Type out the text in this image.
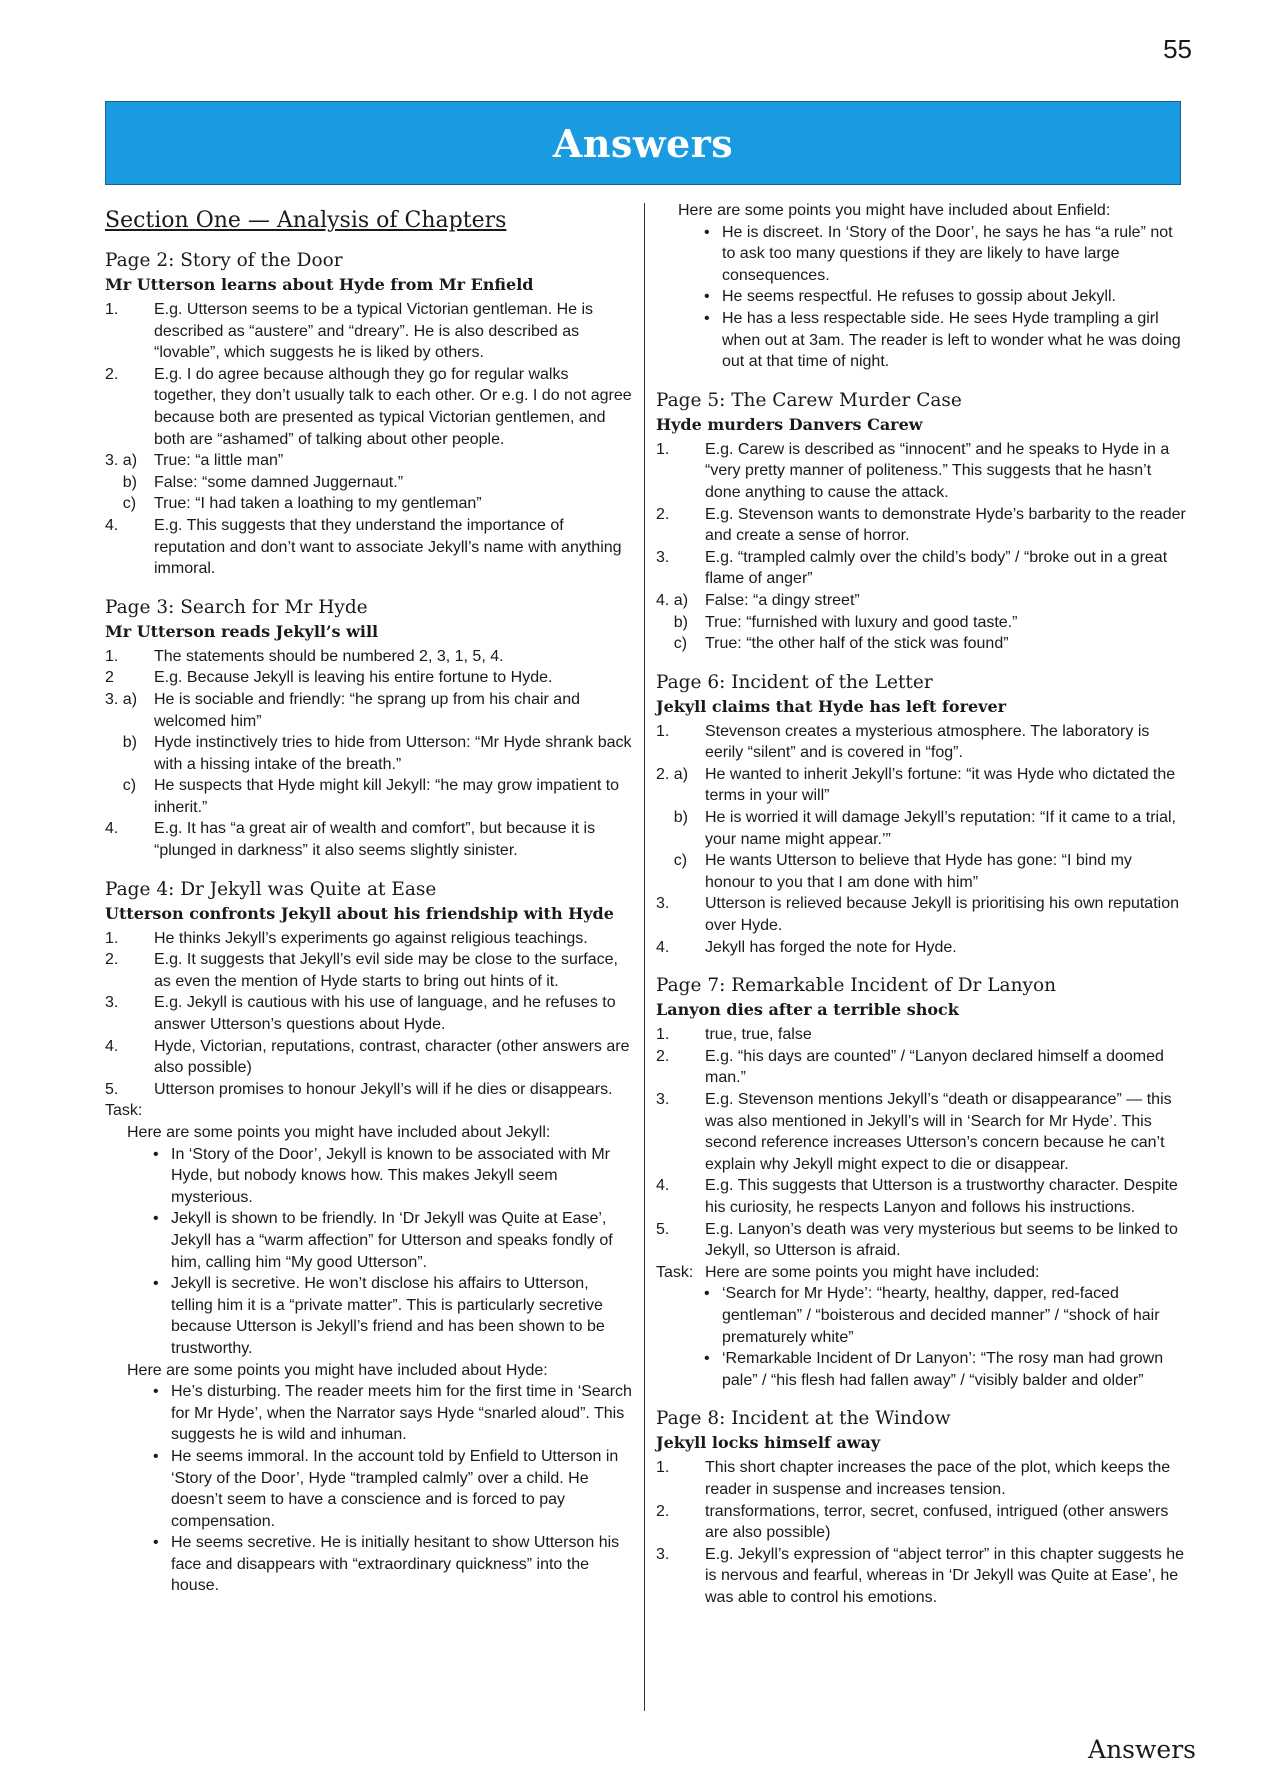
55
Answers
Section One — Analysis of Chapters
Page 2: Story of the Door
Mr Utterson learns about Hyde from Mr Enfield
1.	E.g. Utterson seems to be a typical Victorian gentleman. He is described as “austere” and “dreary”. He is also described as “lovable”, which suggests he is liked by others.
2.	E.g. I do agree because although they go for regular walks together, they don’t usually talk to each other. Or e.g. I do not agree because both are presented as typical Victorian gentlemen, and both are “ashamed” of talking about other people.
3. a)	True: “a little man”
b)	False: “some damned Juggernaut.”
c)	True: “I had taken a loathing to my gentleman”
4.	E.g. This suggests that they understand the importance of reputation and don’t want to associate Jekyll’s name with anything immoral.
Page 3: Search for Mr Hyde
Mr Utterson reads Jekyll’s will
1.	The statements should be numbered 2, 3, 1, 5, 4.
2	E.g. Because Jekyll is leaving his entire fortune to Hyde.
3. a)	He is sociable and friendly: “he sprang up from his chair and welcomed him”
b)	Hyde instinctively tries to hide from Utterson: “Mr Hyde shrank back with a hissing intake of the breath.”
c)	He suspects that Hyde might kill Jekyll: “he may grow impatient to inherit.”
4.	E.g. It has “a great air of wealth and comfort”, but because it is “plunged in darkness” it also seems slightly sinister.
Page 4: Dr Jekyll was Quite at Ease
Utterson confronts Jekyll about his friendship with Hyde
1.	He thinks Jekyll’s experiments go against religious teachings.
2.	E.g. It suggests that Jekyll’s evil side may be close to the surface, as even the mention of Hyde starts to bring out hints of it.
3.	E.g. Jekyll is cautious with his use of language, and he refuses to answer Utterson’s questions about Hyde.
4.	Hyde, Victorian, reputations, contrast, character (other answers are also possible)
5.	Utterson promises to honour Jekyll’s will if he dies or disappears.
Task:
Here are some points you might have included about Jekyll:
• In ‘Story of the Door’, Jekyll is known to be associated with Mr Hyde, but nobody knows how. This makes Jekyll seem mysterious.
• Jekyll is shown to be friendly. In ‘Dr Jekyll was Quite at Ease’, Jekyll has a “warm affection” for Utterson and speaks fondly of him, calling him “My good Utterson”.
• Jekyll is secretive. He won’t disclose his affairs to Utterson, telling him it is a “private matter”. This is particularly secretive because Utterson is Jekyll’s friend and has been shown to be trustworthy.
Here are some points you might have included about Hyde:
• He’s disturbing. The reader meets him for the first time in ‘Search for Mr Hyde’, when the Narrator says Hyde “snarled aloud”. This suggests he is wild and inhuman.
• He seems immoral. In the account told by Enfield to Utterson in ‘Story of the Door’, Hyde “trampled calmly” over a child. He doesn’t seem to have a conscience and is forced to pay compensation.
• He seems secretive. He is initially hesitant to show Utterson his face and disappears with “extraordinary quickness” into the house.
Here are some points you might have included about Enfield:
• He is discreet. In ‘Story of the Door’, he says he has “a rule” not to ask too many questions if they are likely to have large consequences.
• He seems respectful. He refuses to gossip about Jekyll.
• He has a less respectable side. He sees Hyde trampling a girl when out at 3am. The reader is left to wonder what he was doing out at that time of night.
Page 5: The Carew Murder Case
Hyde murders Danvers Carew
1.	E.g. Carew is described as “innocent” and he speaks to Hyde in a “very pretty manner of politeness.” This suggests that he hasn’t done anything to cause the attack.
2.	E.g. Stevenson wants to demonstrate Hyde’s barbarity to the reader and create a sense of horror.
3.	E.g. “trampled calmly over the child’s body” / “broke out in a great flame of anger”
4. a)	False: “a dingy street”
b)	True: “furnished with luxury and good taste.”
c)	True: “the other half of the stick was found”
Page 6: Incident of the Letter
Jekyll claims that Hyde has left forever
1.	Stevenson creates a mysterious atmosphere. The laboratory is eerily “silent” and is covered in “fog”.
2. a)	He wanted to inherit Jekyll’s fortune: “it was Hyde who dictated the terms in your will”
b)	He is worried it will damage Jekyll’s reputation: “If it came to a trial, your name might appear.’”
c)	He wants Utterson to believe that Hyde has gone: “I bind my honour to you that I am done with him”
3.	Utterson is relieved because Jekyll is prioritising his own reputation over Hyde.
4.	Jekyll has forged the note for Hyde.
Page 7: Remarkable Incident of Dr Lanyon
Lanyon dies after a terrible shock
1.	true, true, false
2.	E.g. “his days are counted” / “Lanyon declared himself a doomed man.”
3.	E.g. Stevenson mentions Jekyll’s “death or disappearance” — this was also mentioned in Jekyll’s will in ‘Search for Mr Hyde’. This second reference increases Utterson’s concern because he can’t explain why Jekyll might expect to die or disappear.
4.	E.g. This suggests that Utterson is a trustworthy character. Despite his curiosity, he respects Lanyon and follows his instructions.
5.	E.g. Lanyon’s death was very mysterious but seems to be linked to Jekyll, so Utterson is afraid.
Task: Here are some points you might have included:
• ‘Search for Mr Hyde’: “hearty, healthy, dapper, red-faced gentleman” / “boisterous and decided manner” / “shock of hair prematurely white”
• ‘Remarkable Incident of Dr Lanyon’: “The rosy man had grown pale” / “his flesh had fallen away” / “visibly balder and older”
Page 8: Incident at the Window
Jekyll locks himself away
1.	This short chapter increases the pace of the plot, which keeps the reader in suspense and increases tension.
2.	transformations, terror, secret, confused, intrigued (other answers are also possible)
3.	E.g. Jekyll’s expression of “abject terror” in this chapter suggests he is nervous and fearful, whereas in ‘Dr Jekyll was Quite at Ease’, he was able to control his emotions.
Answers
